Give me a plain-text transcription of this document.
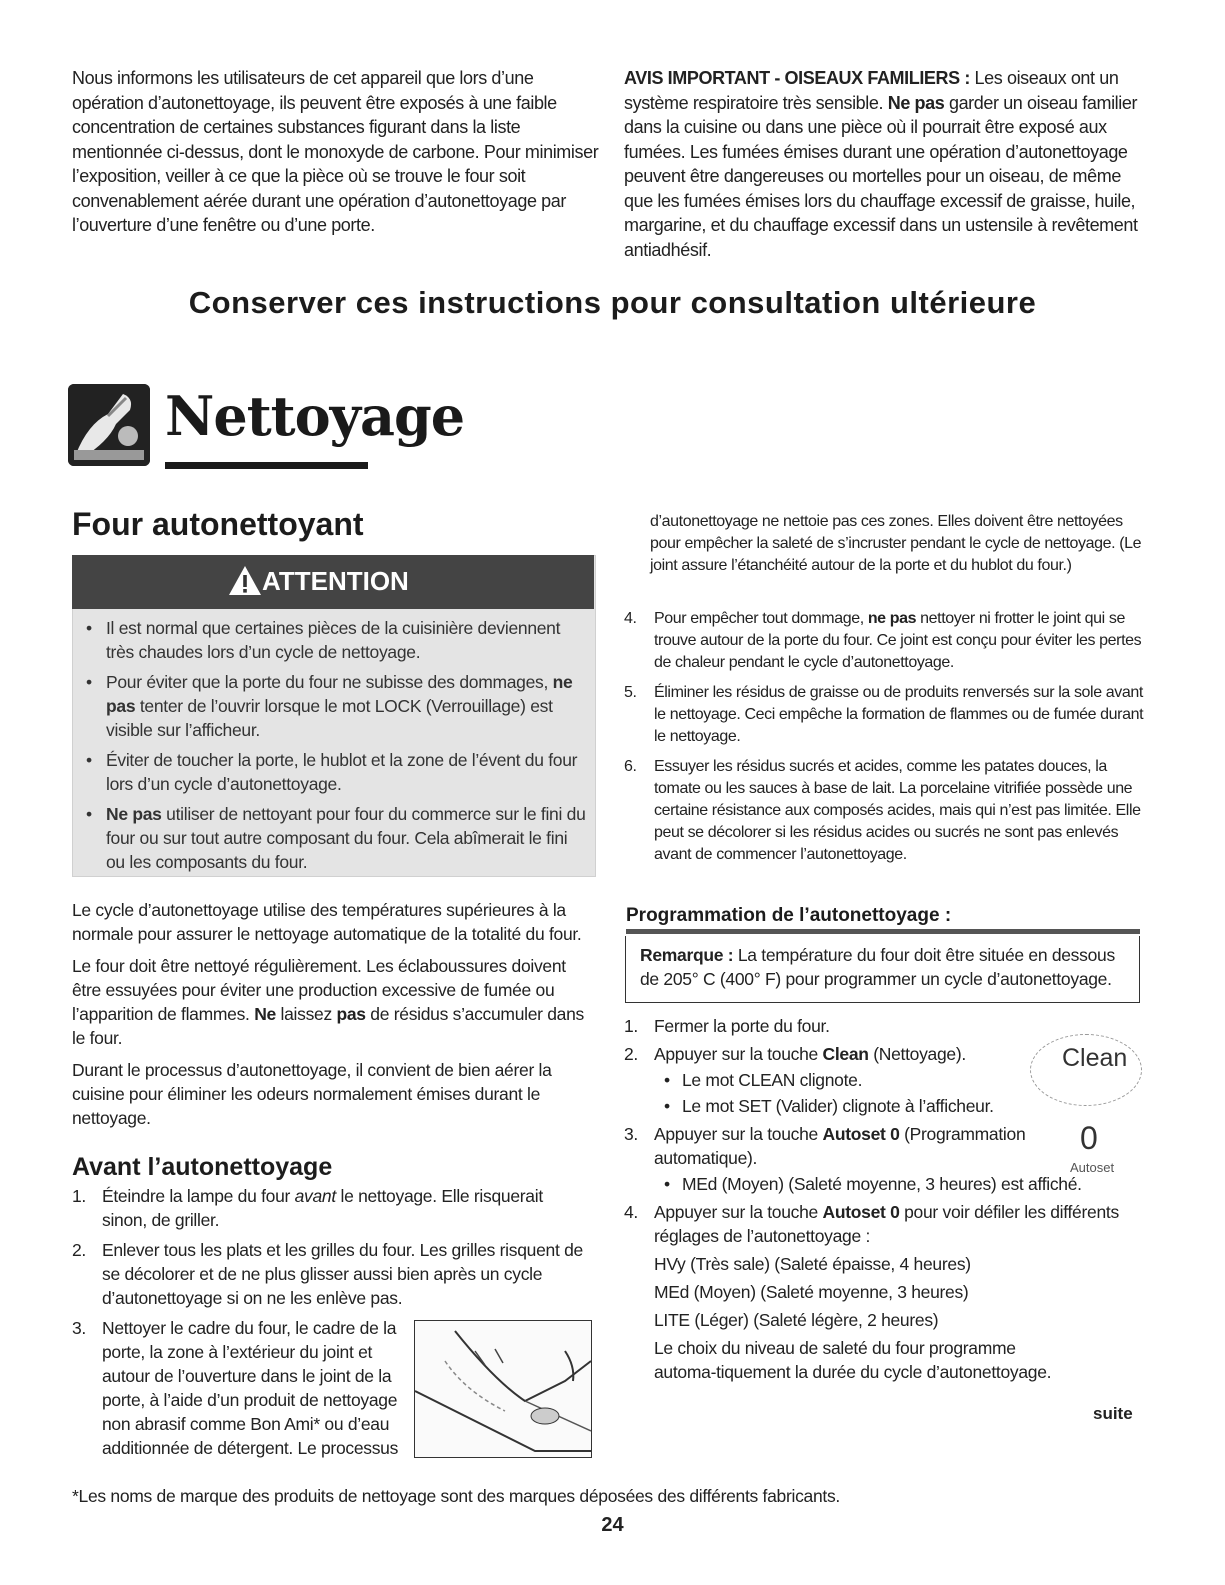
Nous informons les utilisateurs de cet appareil que lors d’une opération d’autonettoyage, ils peuvent être exposés à une faible concentration de certaines substances figurant dans la liste mentionnée ci-dessus, dont le monoxyde de carbone. Pour minimiser l’exposition, veiller à ce que la pièce où se trouve le four soit convenablement aérée durant une opération d’autonettoyage par l’ouverture d’une fenêtre ou d’une porte.
AVIS IMPORTANT - OISEAUX FAMILIERS : Les oiseaux ont un système respiratoire très sensible. Ne pas garder un oiseau familier dans la cuisine ou dans une pièce où il pourrait être exposé aux fumées. Les fumées émises durant une opération d’autonettoyage peuvent être dangereuses ou mortelles pour un oiseau, de même que les fumées émises lors du chauffage excessif de graisse, huile, margarine, et du chauffage excessif dans un ustensile à revêtement antiadhésif.
Conserver ces instructions pour consultation ultérieure
Nettoyage
Four autonettoyant
ATTENTION
• Il est normal que certaines pièces de la cuisinière deviennent très chaudes lors d’un cycle de nettoyage.
• Pour éviter que la porte du four ne subisse des dommages, ne pas tenter de l’ouvrir lorsque le mot LOCK (Verrouillage) est visible sur l’afficheur.
• Éviter de toucher la porte, le hublot et la zone de l’évent du four lors d’un cycle d’autonettoyage.
• Ne pas utiliser de nettoyant pour four du commerce sur le fini du four ou sur tout autre composant du four. Cela abîmerait le fini ou les composants du four.

Le cycle d’autonettoyage utilise des températures supérieures à la normale pour assurer le nettoyage automatique de la totalité du four.

Le four doit être nettoyé régulièrement. Les éclaboussures doivent être essuyées pour éviter une production excessive de fumée ou l’apparition de flammes. Ne laissez pas de résidus s’accumuler dans le four.

Durant le processus d’autonettoyage, il convient de bien aérer la cuisine pour éliminer les odeurs normalement émises durant le nettoyage.

Avant l’autonettoyage
1. Éteindre la lampe du four avant le nettoyage. Elle risquerait sinon, de griller.
2. Enlever tous les plats et les grilles du four. Les grilles risquent de se décolorer et de ne plus glisser aussi bien après un cycle d’autonettoyage si on ne les enlève pas.
3. Nettoyer le cadre du four, le cadre de la porte, la zone à l’extérieur du joint et autour de l’ouverture dans le joint de la porte, à l’aide d’un produit de nettoyage non abrasif comme Bon Ami* ou d’eau additionnée de détergent. Le processus
d’autonettoyage ne nettoie pas ces zones. Elles doivent être nettoyées pour empêcher la saleté de s’incruster pendant le cycle de nettoyage. (Le joint assure l’étanchéité autour de la porte et du hublot du four.)
4. Pour empêcher tout dommage, ne pas nettoyer ni frotter le joint qui se trouve autour de la porte du four. Ce joint est conçu pour éviter les pertes de chaleur pendant le cycle d’autonettoyage.
5. Éliminer les résidus de graisse ou de produits renversés sur la sole avant le nettoyage. Ceci empêche la formation de flammes ou de fumée durant le nettoyage.
6. Essuyer les résidus sucrés et acides, comme les patates douces, la tomate ou les sauces à base de lait. La porcelaine vitrifiée possède une certaine résistance aux composés acides, mais qui n’est pas limitée. Elle peut se décolorer si les résidus acides ou sucrés ne sont pas enlevés avant de commencer l’autonettoyage.
Programmation de l’autonettoyage :
Remarque : La température du four doit être située en dessous de 205° C (400° F) pour programmer un cycle d’autonettoyage.
1. Fermer la porte du four.
2. Appuyer sur la touche Clean (Nettoyage).
• Le mot CLEAN clignote.
• Le mot SET (Valider) clignote à l’afficheur.
3. Appuyer sur la touche Autoset 0 (Programmation automatique).
• MEd (Moyen) (Saleté moyenne, 3 heures) est affiché.
4. Appuyer sur la touche Autoset 0 pour voir défiler les différents réglages de l’autonettoyage :
HVy (Très sale) (Saleté épaisse, 4 heures)
MEd (Moyen) (Saleté moyenne, 3 heures)
LITE (Léger) (Saleté légère, 2 heures)
Le choix du niveau de saleté du four programme automa-tiquement la durée du cycle d’autonettoyage.
Clean
0
Autoset
suite
*Les noms de marque des produits de nettoyage sont des marques déposées des différents fabricants.
24
